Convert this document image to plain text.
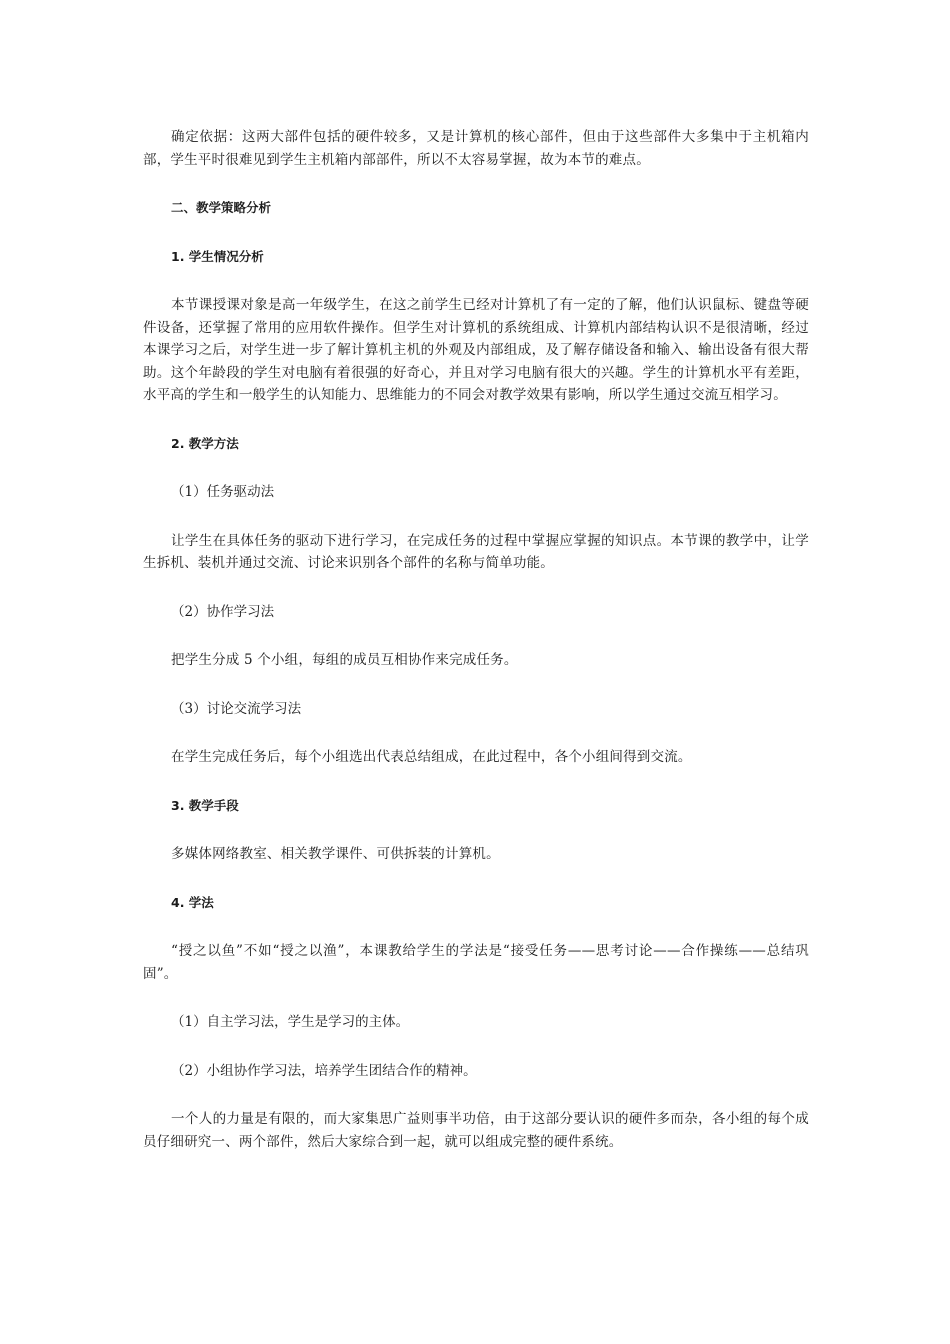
确定依据：这两大部件包括的硬件较多，又是计算机的核心部件，但由于这些部件大多集中于主机箱内部，学生平时很难见到学生主机箱内部部件，所以不太容易掌握，故为本节的难点。

二、教学策略分析

1. 学生情况分析

本节课授课对象是高一年级学生，在这之前学生已经对计算机了有一定的了解，他们认识鼠标、键盘等硬件设备，还掌握了常用的应用软件操作。但学生对计算机的系统组成、计算机内部结构认识不是很清晰，经过本课学习之后，对学生进一步了解计算机主机的外观及内部组成，及了解存储设备和输入、输出设备有很大帮助。这个年龄段的学生对电脑有着很强的好奇心，并且对学习电脑有很大的兴趣。学生的计算机水平有差距，水平高的学生和一般学生的认知能力、思维能力的不同会对教学效果有影响，所以学生通过交流互相学习。

2. 教学方法

（1）任务驱动法

让学生在具体任务的驱动下进行学习，在完成任务的过程中掌握应掌握的知识点。本节课的教学中，让学生拆机、装机并通过交流、讨论来识别各个部件的名称与简单功能。

（2）协作学习法

把学生分成 5 个小组，每组的成员互相协作来完成任务。

（3）讨论交流学习法

在学生完成任务后，每个小组选出代表总结组成，在此过程中，各个小组间得到交流。

3. 教学手段

多媒体网络教室、相关教学课件、可供拆装的计算机。

4. 学法

“授之以鱼”不如“授之以渔”，本课教给学生的学法是“接受任务——思考讨论——合作操练——总结巩固”。

（1）自主学习法，学生是学习的主体。

（2）小组协作学习法，培养学生团结合作的精神。

一个人的力量是有限的，而大家集思广益则事半功倍，由于这部分要认识的硬件多而杂，各小组的每个成员仔细研究一、两个部件，然后大家综合到一起，就可以组成完整的硬件系统。
